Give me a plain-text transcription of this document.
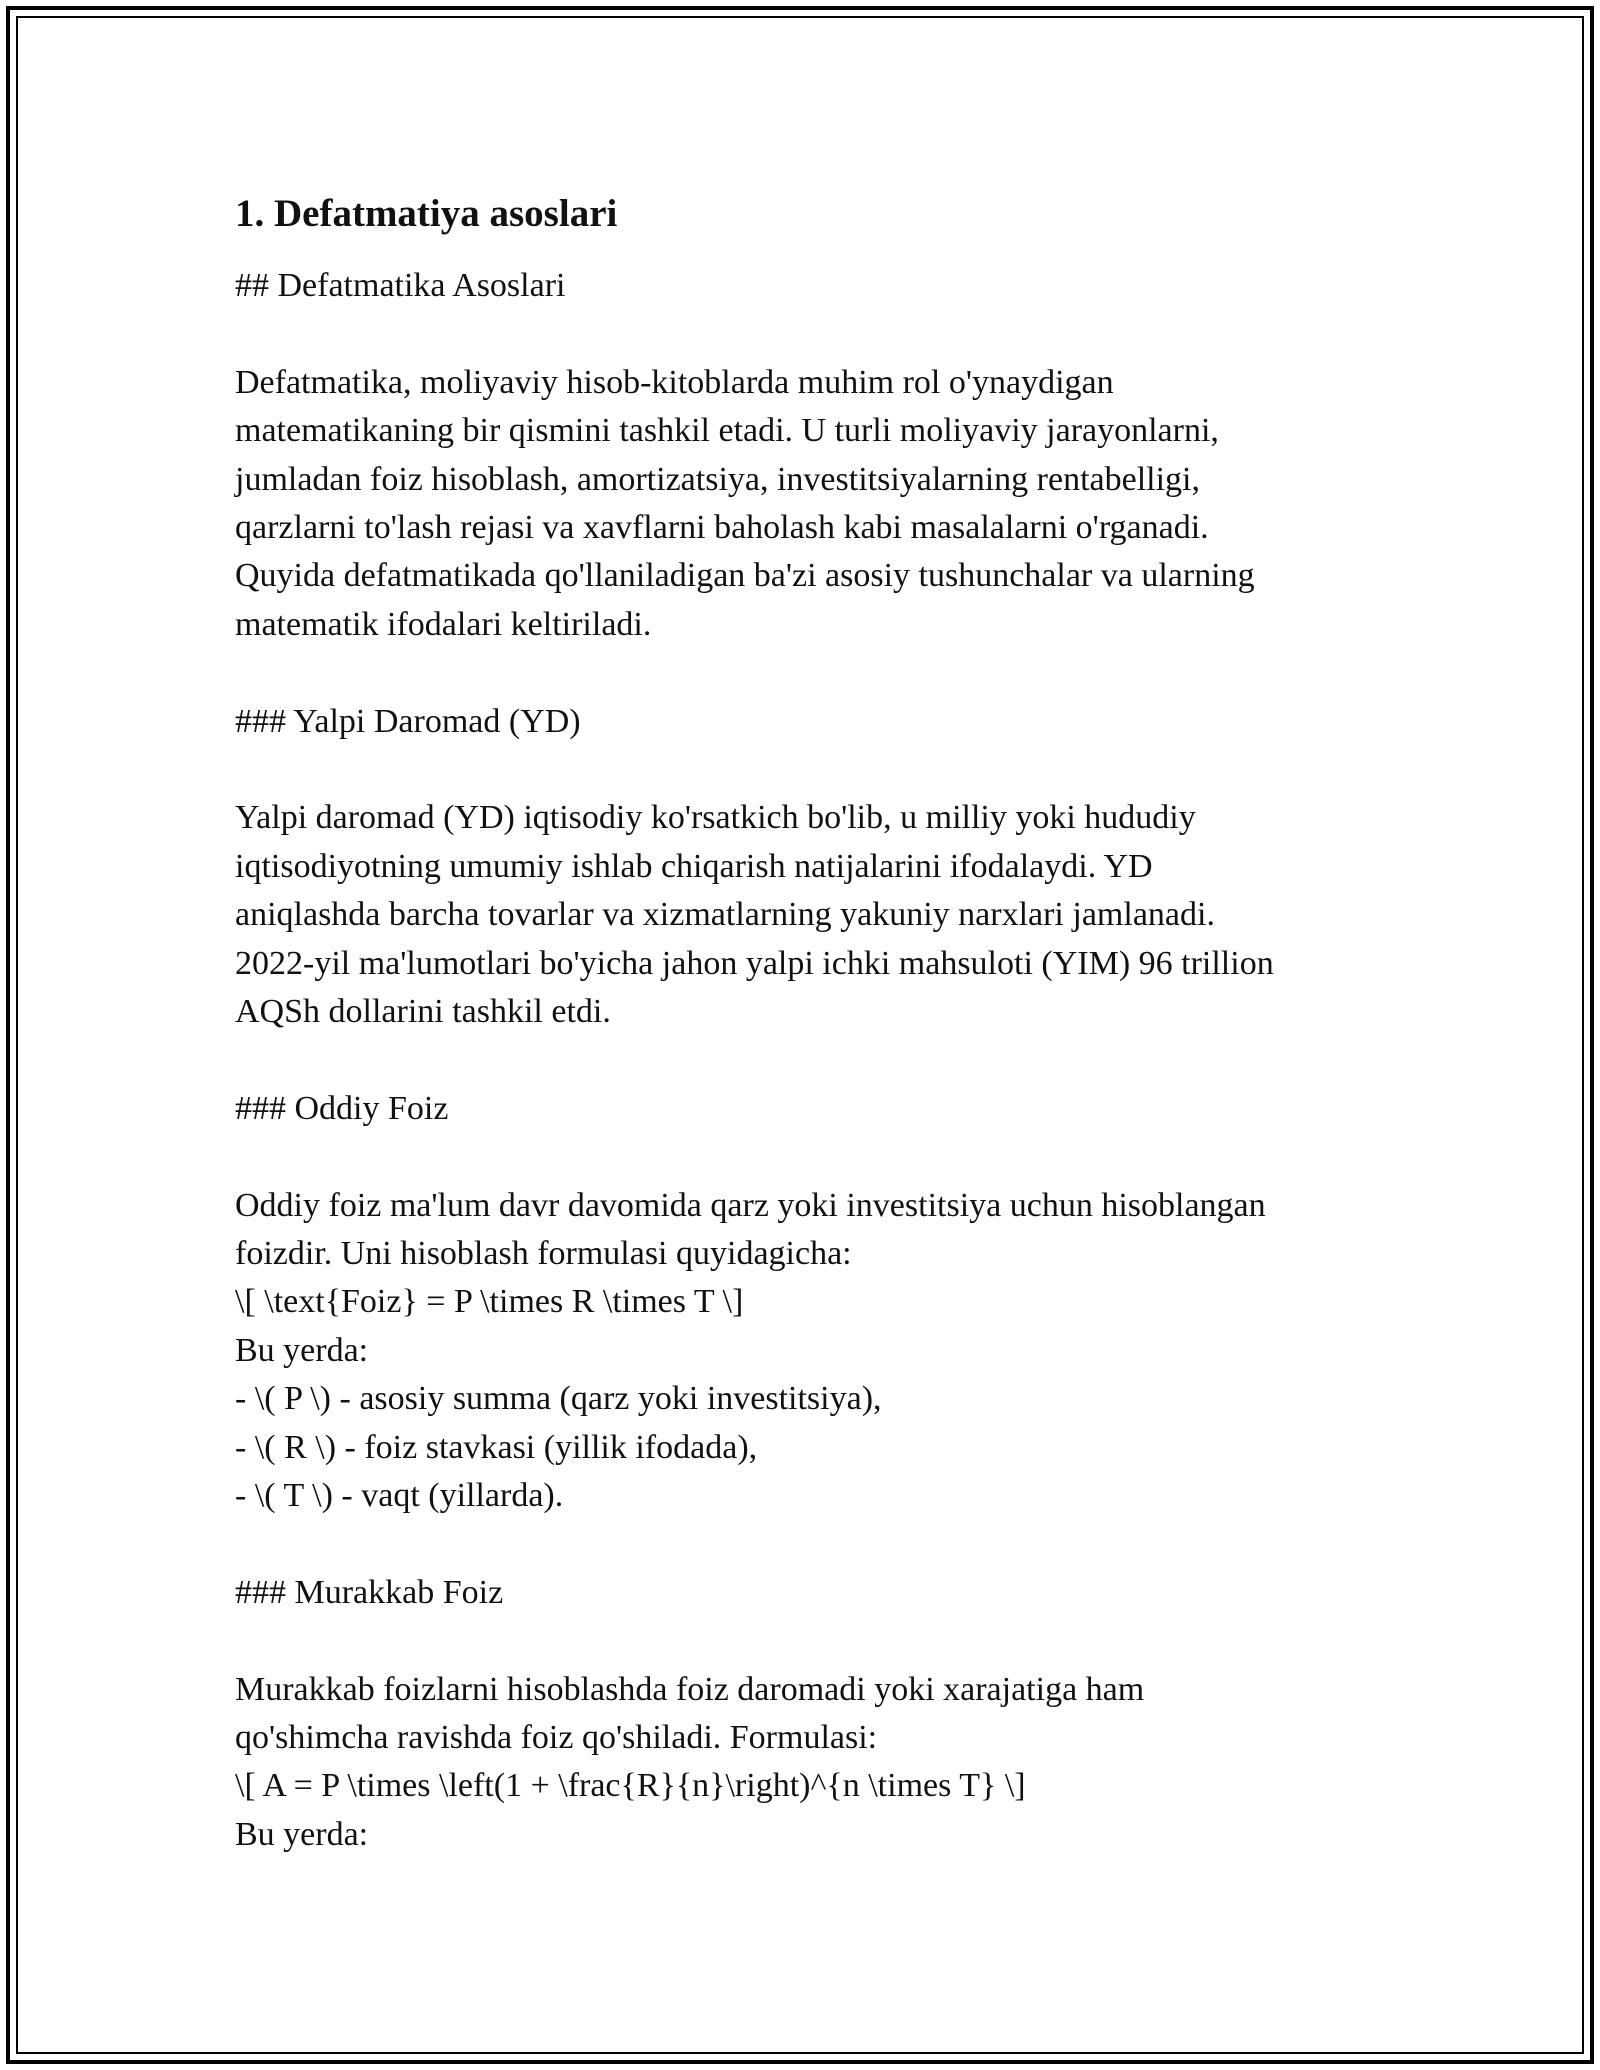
1. Defatmatiya asoslari

## Defatmatika Asoslari

Defatmatika, moliyaviy hisob-kitoblarda muhim rol o'ynaydigan

matematikaning bir qismini tashkil etadi. U turli moliyaviy jarayonlarni,

jumladan foiz hisoblash, amortizatsiya, investitsiyalarning rentabelligi,

qarzlarni to'lash rejasi va xavflarni baholash kabi masalalarni o'rganadi.

Quyida defatmatikada qo'llaniladigan ba'zi asosiy tushunchalar va ularning

matematik ifodalari keltiriladi.

### Yalpi Daromad (YD)

Yalpi daromad (YD) iqtisodiy ko'rsatkich bo'lib, u milliy yoki hududiy

iqtisodiyotning umumiy ishlab chiqarish natijalarini ifodalaydi. YD

aniqlashda barcha tovarlar va xizmatlarning yakuniy narxlari jamlanadi.

2022-yil ma'lumotlari bo'yicha jahon yalpi ichki mahsuloti (YIM) 96 trillion

AQSh dollarini tashkil etdi.

### Oddiy Foiz

Oddiy foiz ma'lum davr davomida qarz yoki investitsiya uchun hisoblangan

foizdir. Uni hisoblash formulasi quyidagicha:

\[ \text{Foiz} = P \times R \times T \]

Bu yerda:

- \( P \) - asosiy summa (qarz yoki investitsiya),

- \( R \) - foiz stavkasi (yillik ifodada),

- \( T \) - vaqt (yillarda).

### Murakkab Foiz

Murakkab foizlarni hisoblashda foiz daromadi yoki xarajatiga ham

qo'shimcha ravishda foiz qo'shiladi. Formulasi:

\[ A = P \times \left(1 + \frac{R}{n}\right)^{n \times T} \]

Bu yerda:
